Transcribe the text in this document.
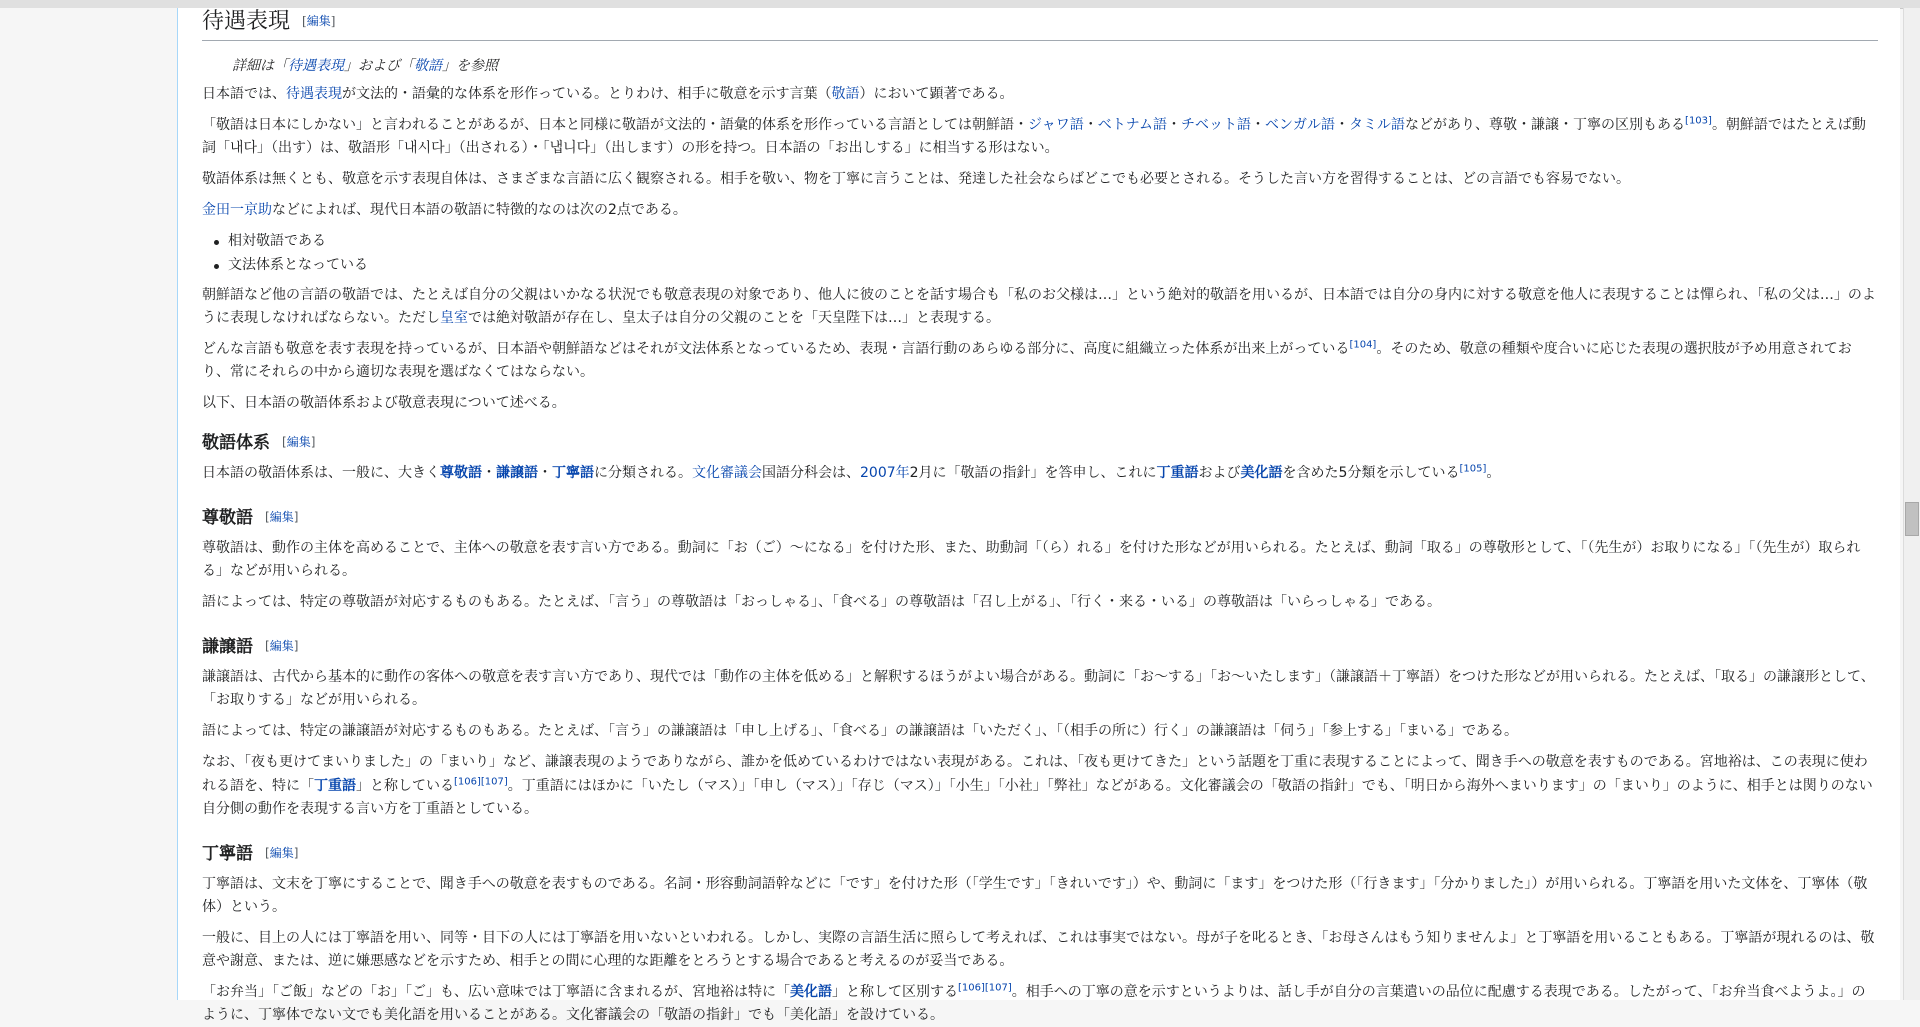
待遇表現 [編集]
詳細は「待遇表現」および「敬語」を参照

日本語では、待遇表現が文法的・語彙的な体系を形作っている。とりわけ、相手に敬意を示す言葉（敬語）において顕著である。

「敬語は日本にしかない」と言われることがあるが、日本と同様に敬語が文法的・語彙的体系を形作っている言語としては朝鮮語・ジャワ語・ベトナム語・チベット語・ベンガル語・タミル語などがあり、尊敬・謙譲・丁寧の区別もある[103]。朝鮮語ではたとえば動詞「내다」（出す）は、敬語形「내시다」（出される）・「냅니다」（出します）の形を持つ。日本語の「お出しする」に相当する形はない。

敬語体系は無くとも、敬意を示す表現自体は、さまざまな言語に広く観察される。相手を敬い、物を丁寧に言うことは、発達した社会ならばどこでも必要とされる。そうした言い方を習得することは、どの言語でも容易でない。

金田一京助などによれば、現代日本語の敬語に特徴的なのは次の2点である。

相対敬語である
文法体系となっている

朝鮮語など他の言語の敬語では、たとえば自分の父親はいかなる状況でも敬意表現の対象であり、他人に彼のことを話す場合も「私のお父様は…」という絶対的敬語を用いるが、日本語では自分の身内に対する敬意を他人に表現することは憚られ、「私の父は…」のように表現しなければならない。ただし皇室では絶対敬語が存在し、皇太子は自分の父親のことを「天皇陛下は…」と表現する。

どんな言語も敬意を表す表現を持っているが、日本語や朝鮮語などはそれが文法体系となっているため、表現・言語行動のあらゆる部分に、高度に組織立った体系が出来上がっている[104]。そのため、敬意の種類や度合いに応じた表現の選択肢が予め用意されており、常にそれらの中から適切な表現を選ばなくてはならない。

以下、日本語の敬語体系および敬意表現について述べる。

敬語体系 [編集]

日本語の敬語体系は、一般に、大きく尊敬語・謙譲語・丁寧語に分類される。文化審議会国語分科会は、2007年2月に「敬語の指針」を答申し、これに丁重語および美化語を含めた5分類を示している[105]。

尊敬語 [編集]

尊敬語は、動作の主体を高めることで、主体への敬意を表す言い方である。動詞に「お（ご）〜になる」を付けた形、また、助動詞「（ら）れる」を付けた形などが用いられる。たとえば、動詞「取る」の尊敬形として、「（先生が）お取りになる」「（先生が）取られる」などが用いられる。

語によっては、特定の尊敬語が対応するものもある。たとえば、「言う」の尊敬語は「おっしゃる」、「食べる」の尊敬語は「召し上がる」、「行く・来る・いる」の尊敬語は「いらっしゃる」である。

謙譲語 [編集]

謙譲語は、古代から基本的に動作の客体への敬意を表す言い方であり、現代では「動作の主体を低める」と解釈するほうがよい場合がある。動詞に「お〜する」「お〜いたします」（謙譲語＋丁寧語）をつけた形などが用いられる。たとえば、「取る」の謙譲形として、「お取りする」などが用いられる。

語によっては、特定の謙譲語が対応するものもある。たとえば、「言う」の謙譲語は「申し上げる」、「食べる」の謙譲語は「いただく」、「（相手の所に）行く」の謙譲語は「伺う」「参上する」「まいる」である。

なお、「夜も更けてまいりました」の「まいり」など、謙譲表現のようでありながら、誰かを低めているわけではない表現がある。これは、「夜も更けてきた」という話題を丁重に表現することによって、聞き手への敬意を表すものである。宮地裕は、この表現に使われる語を、特に「丁重語」と称している[106][107]。丁重語にはほかに「いたし（マス）」「申し（マス）」「存じ（マス）」「小生」「小社」「弊社」などがある。文化審議会の「敬語の指針」でも、「明日から海外へまいります」の「まいり」のように、相手とは関りのない自分側の動作を表現する言い方を丁重語としている。

丁寧語 [編集]

丁寧語は、文末を丁寧にすることで、聞き手への敬意を表すものである。名詞・形容動詞語幹などに「です」を付けた形（「学生です」「きれいです」）や、動詞に「ます」をつけた形（「行きます」「分かりました」）が用いられる。丁寧語を用いた文体を、丁寧体（敬体）という。

一般に、目上の人には丁寧語を用い、同等・目下の人には丁寧語を用いないといわれる。しかし、実際の言語生活に照らして考えれば、これは事実ではない。母が子を叱るとき、「お母さんはもう知りませんよ」と丁寧語を用いることもある。丁寧語が現れるのは、敬意や謝意、または、逆に嫌悪感などを示すため、相手との間に心理的な距離をとろうとする場合であると考えるのが妥当である。

「お弁当」「ご飯」などの「お」「ご」も、広い意味では丁寧語に含まれるが、宮地裕は特に「美化語」と称して区別する[106][107]。相手への丁寧の意を示すというよりは、話し手が自分の言葉遣いの品位に配慮する表現である。したがって、「お弁当食べようよ。」のように、丁寧体でない文でも美化語を用いることがある。文化審議会の「敬語の指針」でも「美化語」を設けている。
